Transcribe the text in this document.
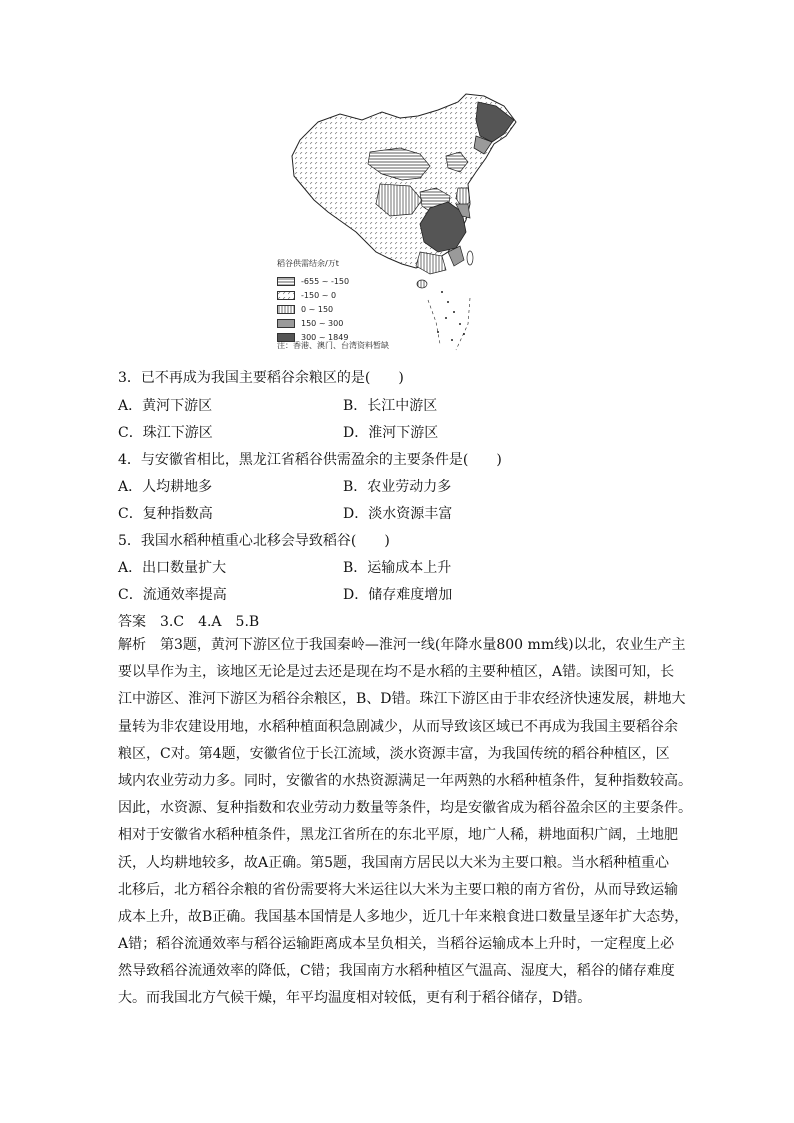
稻谷供需结余/万t
-655 ~ -150
-150 ~ 0
0 ~ 150
150 ~ 300
300 ~ 1849
注：香港、澳门、台湾资料暂缺
3．已不再成为我国主要稻谷余粮区的是(　　)
A．黄河下游区	B．长江中游区
C．珠江下游区	D．淮河下游区
4．与安徽省相比，黑龙江省稻谷供需盈余的主要条件是(　　)
A．人均耕地多	B．农业劳动力多
C．复种指数高	D．淡水资源丰富
5．我国水稻种植重心北移会导致稻谷(　　)
A．出口数量扩大	B．运输成本上升
C．流通效率提高	D．储存难度增加
答案　3.C　4.A　5.B
解析　第3题，黄河下游区位于我国秦岭—淮河一线(年降水量800 mm线)以北，农业生产主
要以旱作为主，该地区无论是过去还是现在均不是水稻的主要种植区，A错。读图可知，长
江中游区、淮河下游区为稻谷余粮区，B、D错。珠江下游区由于非农经济快速发展，耕地大
量转为非农建设用地，水稻种植面积急剧减少，从而导致该区域已不再成为我国主要稻谷余
粮区，C对。第4题，安徽省位于长江流域，淡水资源丰富，为我国传统的稻谷种植区，区
域内农业劳动力多。同时，安徽省的水热资源满足一年两熟的水稻种植条件，复种指数较高。
因此，水资源、复种指数和农业劳动力数量等条件，均是安徽省成为稻谷盈余区的主要条件。
相对于安徽省水稻种植条件，黑龙江省所在的东北平原，地广人稀，耕地面积广阔，土地肥
沃，人均耕地较多，故A正确。第5题，我国南方居民以大米为主要口粮。当水稻种植重心
北移后，北方稻谷余粮的省份需要将大米运往以大米为主要口粮的南方省份，从而导致运输
成本上升，故B正确。我国基本国情是人多地少，近几十年来粮食进口数量呈逐年扩大态势，
A错；稻谷流通效率与稻谷运输距离成本呈负相关，当稻谷运输成本上升时，一定程度上必
然导致稻谷流通效率的降低，C错；我国南方水稻种植区气温高、湿度大，稻谷的储存难度
大。而我国北方气候干燥，年平均温度相对较低，更有利于稻谷储存，D错。
